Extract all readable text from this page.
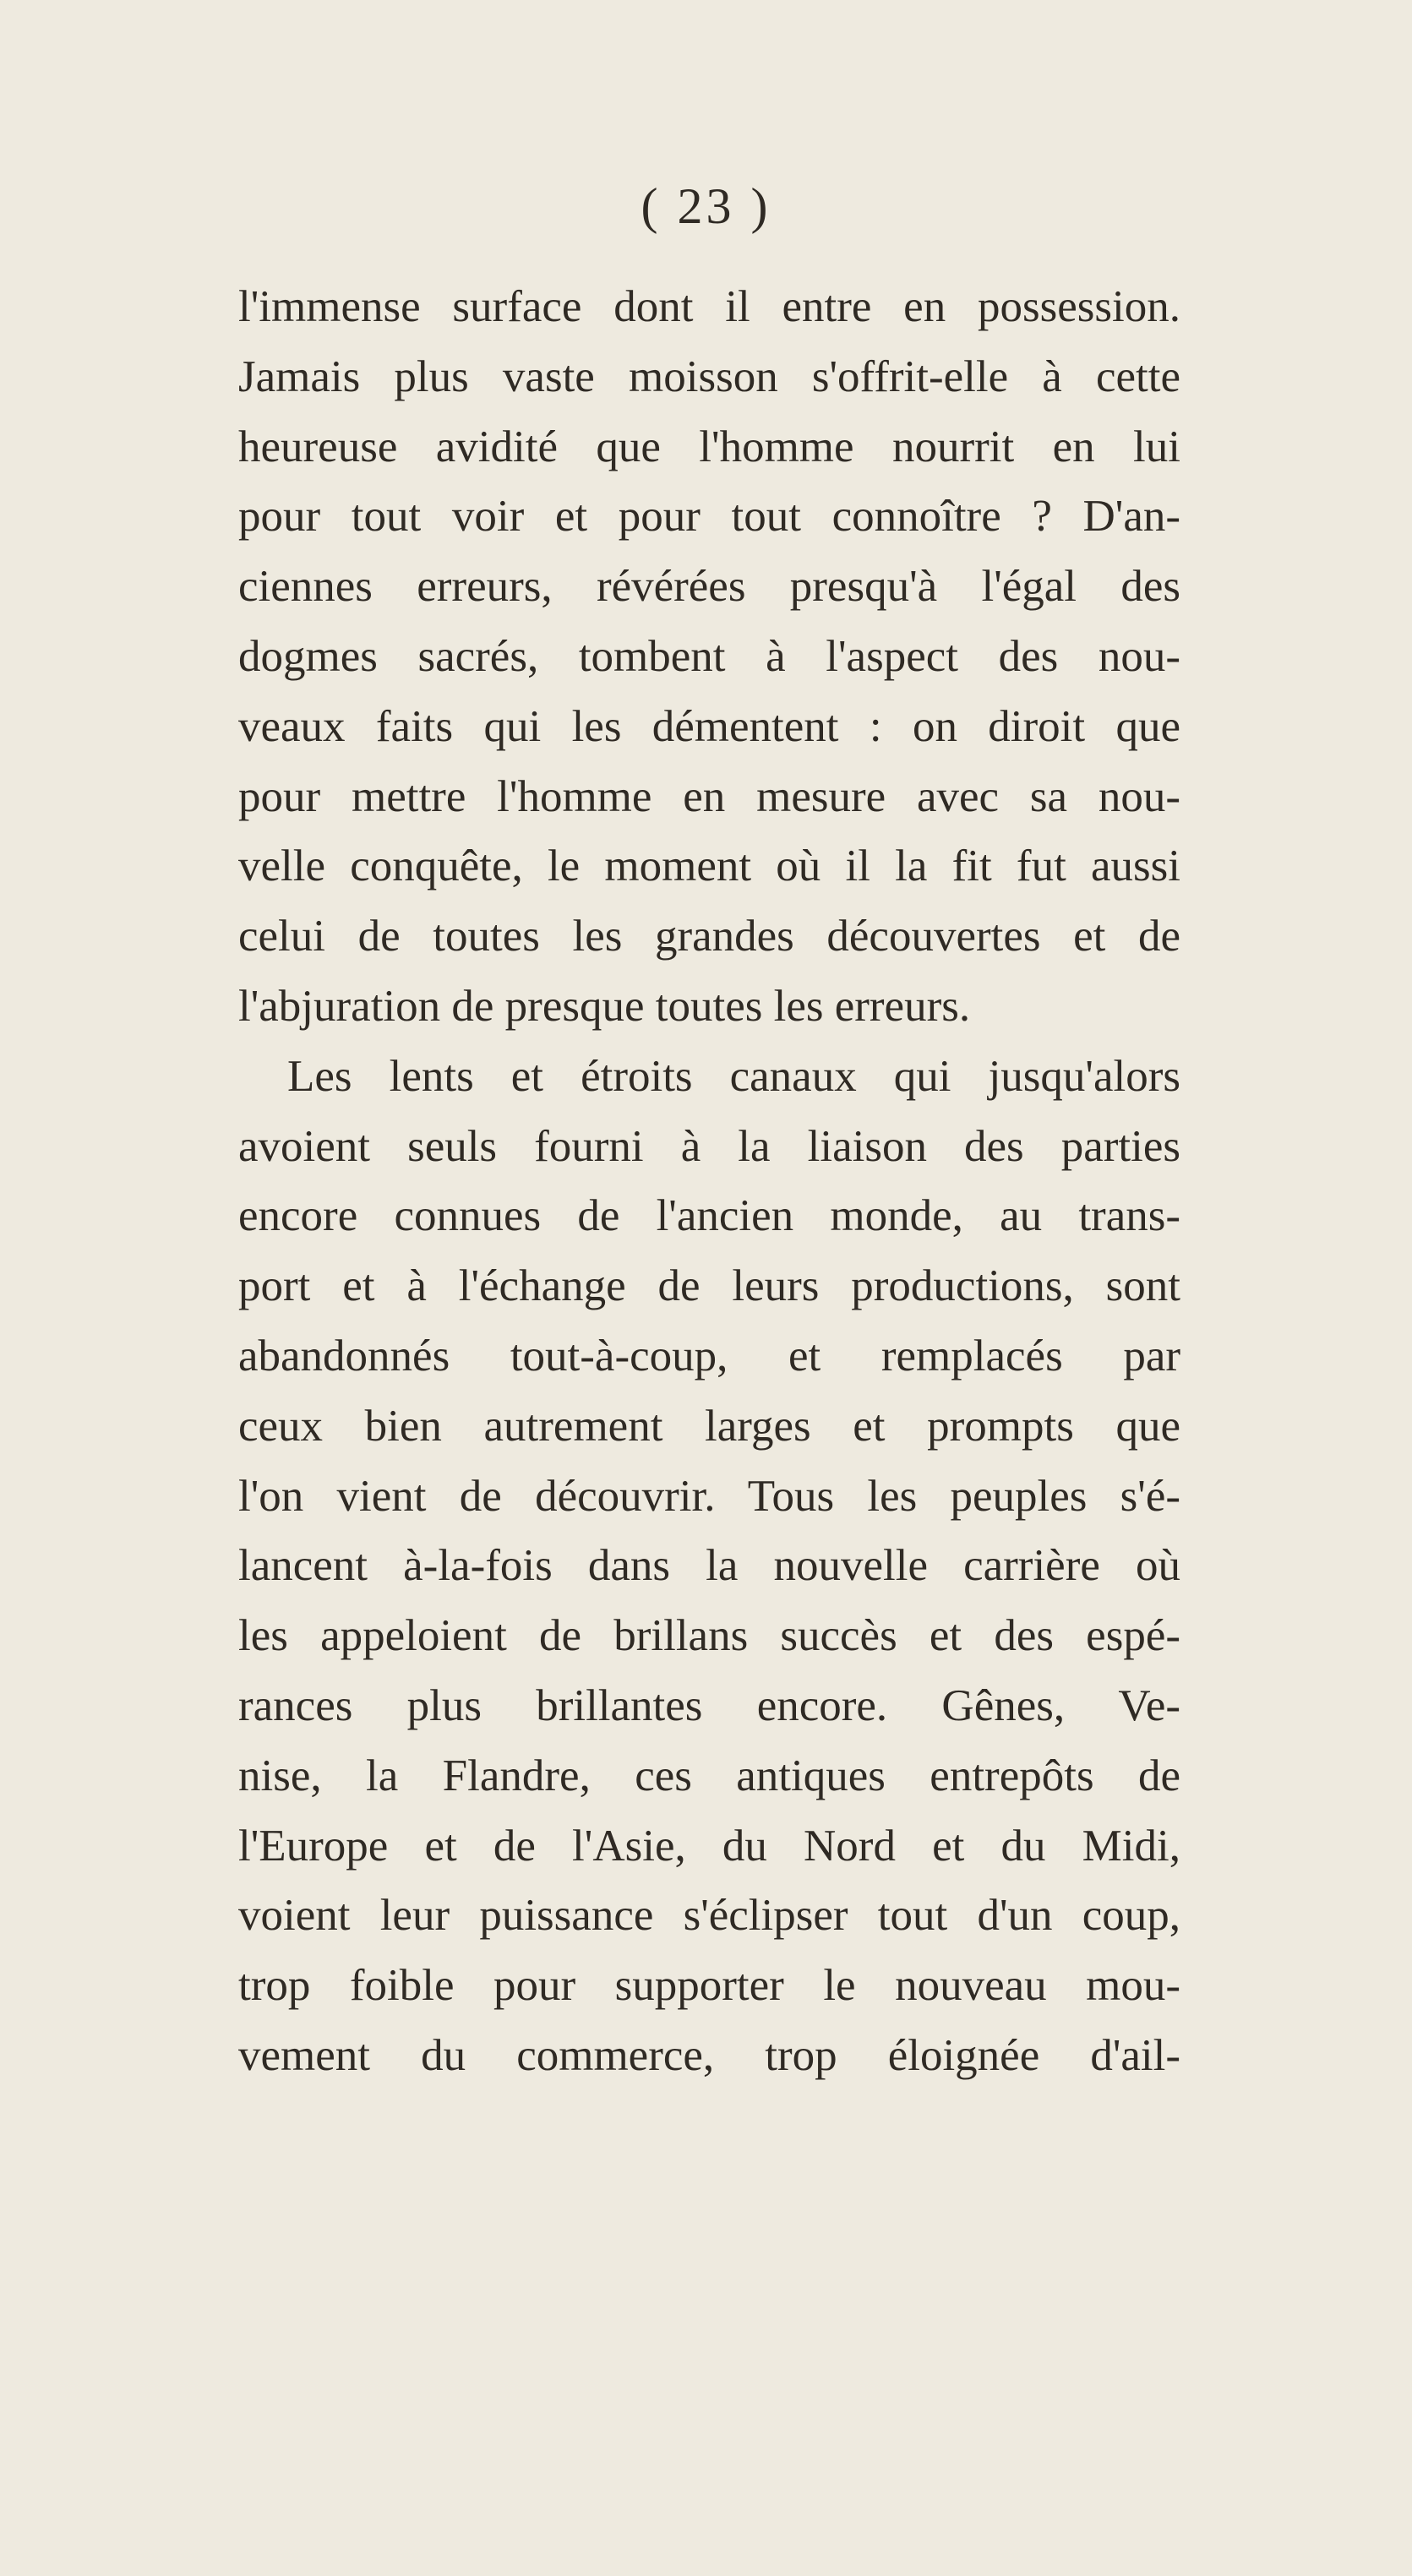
( 23 )
l'immense surface dont il entre en possession.
Jamais plus vaste moisson s'offrit-elle à cette
heureuse avidité que l'homme nourrit en lui
pour tout voir et pour tout connoître ? D'an-
ciennes erreurs, révérées presqu'à l'égal des
dogmes sacrés, tombent à l'aspect des nou-
veaux faits qui les démentent : on diroit que
pour mettre l'homme en mesure avec sa nou-
velle conquête, le moment où il la fit fut aussi
celui de toutes les grandes découvertes et de
l'abjuration de presque toutes les erreurs.
Les lents et étroits canaux qui jusqu'alors
avoient seuls fourni à la liaison des parties
encore connues de l'ancien monde, au trans-
port et à l'échange de leurs productions, sont
abandonnés tout-à-coup, et remplacés par
ceux bien autrement larges et prompts que
l'on vient de découvrir. Tous les peuples s'é-
lancent à-la-fois dans la nouvelle carrière où
les appeloient de brillans succès et des espé-
rances plus brillantes encore. Gênes, Ve-
nise, la Flandre, ces antiques entrepôts de
l'Europe et de l'Asie, du Nord et du Midi,
voient leur puissance s'éclipser tout d'un coup,
trop foible pour supporter le nouveau mou-
vement du commerce, trop éloignée d'ail-
